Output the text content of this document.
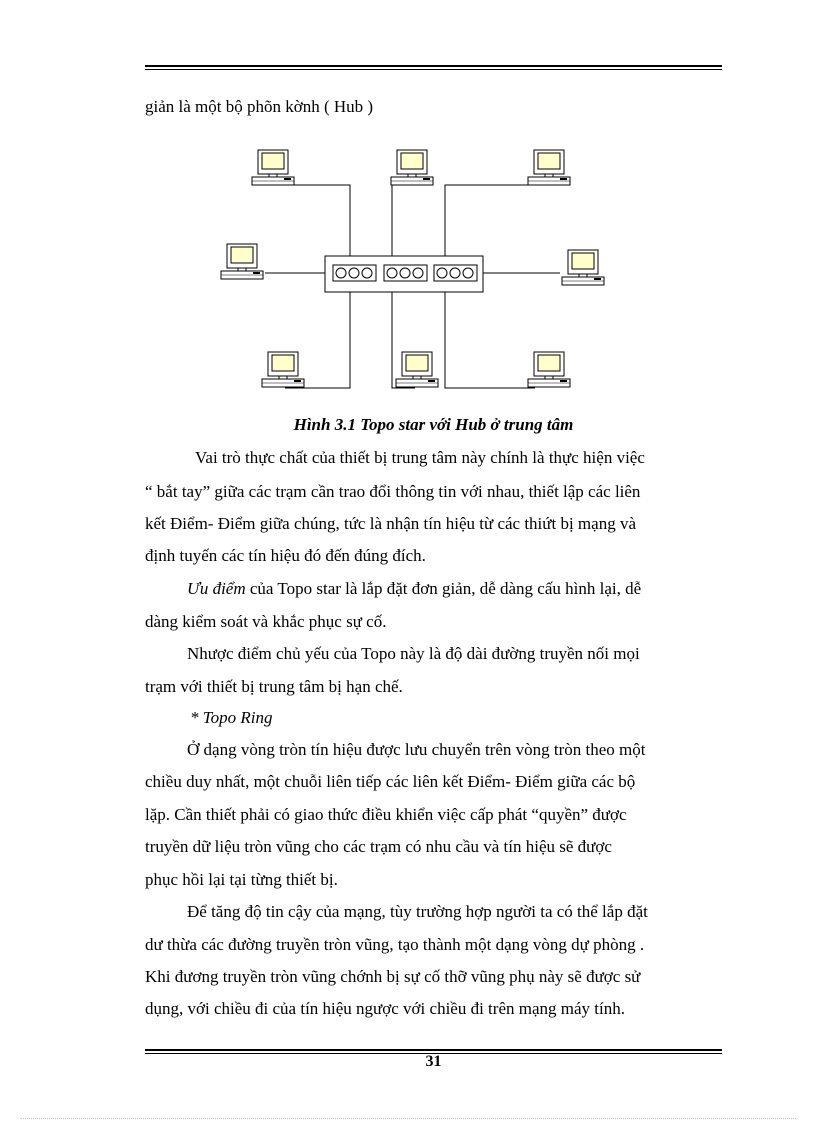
giản là một bộ phõn kờnh ( Hub )
Hình 3.1 Topo star với Hub ở trung tâm
Vai trò thực chất của thiết bị trung tâm này chính là thực hiện việc
“ bắt tay” giữa các trạm cần trao đổi thông tin với nhau, thiết lập các liên
kết Điểm- Điểm giữa chúng, tức là nhận tín hiệu từ các thiứt bị mạng và
định tuyến các tín hiệu đó đến đúng đích.
Ưu điểm của Topo star là lắp đặt đơn giản, dễ dàng cấu hình lại, dễ
dàng kiểm soát và khắc phục sự cố.
Nhược điểm chủ yếu của Topo này là độ dài đường truyền nối mọi
trạm với thiết bị trung tâm bị hạn chế.
* Topo Ring
Ở dạng vòng tròn tín hiệu được lưu chuyển trên vòng tròn theo một
chiều duy nhất, một chuỗi liên tiếp các liên kết Điểm- Điểm giữa các bộ
lặp. Cần thiết phải có giao thức điều khiển việc cấp phát “quyền” được
truyền dữ liệu tròn vũng cho các trạm có nhu cầu và tín hiệu sẽ được
phục hồi lại tại từng thiết bị.
Để tăng độ tin cậy của mạng, tùy trường hợp người ta có thể lắp đặt
dư thừa các đường truyền tròn vũng, tạo thành một dạng vòng dự phòng .
Khi đương truyền tròn vũng chớnh bị sự cố thỡ vũng phụ này sẽ được sử
dụng, với chiều đi của tín hiệu ngược với chiều đi trên mạng máy tính.
31
